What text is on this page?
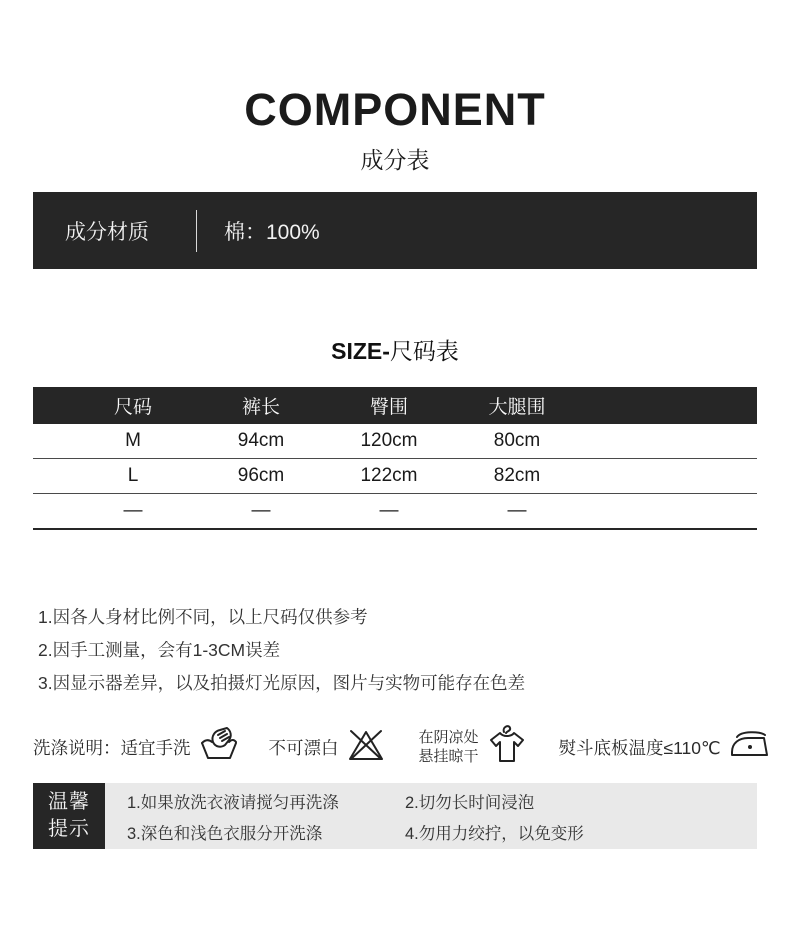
COMPONENT
成分表
成分材质	棉：100%
SIZE-尺码表
尺码	裤长	臀围	大腿围
M	94cm	120cm	80cm
L	96cm	122cm	82cm
—	—	—	—
1.因各人身材比例不同，以上尺码仅供参考
2.因手工测量，会有1-3CM误差
3.因显示器差异，以及拍摄灯光原因，图片与实物可能存在色差
洗涤说明： 适宜手洗	不可漂白
在阴凉处
悬挂晾干	熨斗底板温度≤110℃
温馨
提示
1.如果放洗衣液请搅匀再洗涤	2.切勿长时间浸泡
3.深色和浅色衣服分开洗涤	4.勿用力绞拧，以免变形
